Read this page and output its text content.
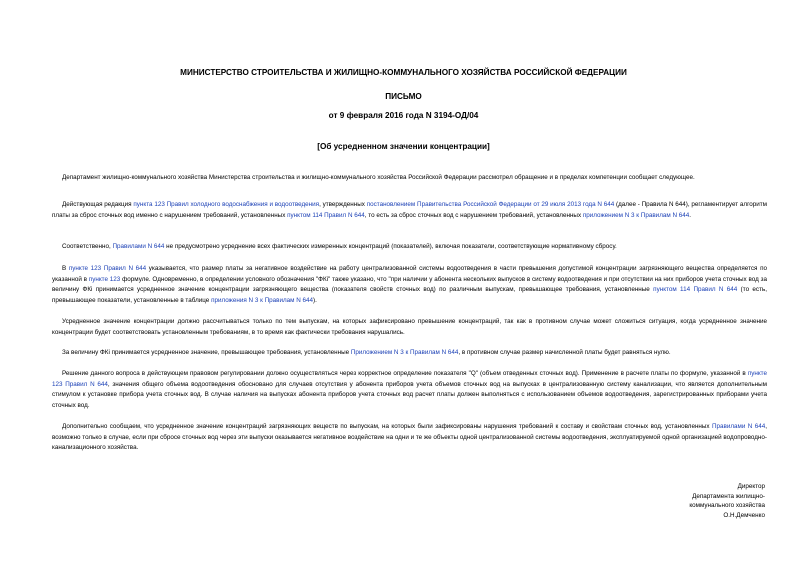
МИНИСТЕРСТВО СТРОИТЕЛЬСТВА И ЖИЛИЩНО-КОММУНАЛЬНОГО ХОЗЯЙСТВА РОССИЙСКОЙ ФЕДЕРАЦИИ
ПИСЬМО
от 9 февраля 2016 года N 3194-ОД/04
[Об усредненном значении концентрации]

Департамент жилищно-коммунального хозяйства Министерства строительства и жилищно-коммунального хозяйства Российской Федерации рассмотрел обращение и в пределах компетенции сообщает следующее.

Действующая редакция пункта 123 Правил холодного водоснабжения и водоотведения, утвержденных постановлением Правительства Российской Федерации от 29 июля 2013 года N 644 (далее - Правила N 644), регламентирует алгоритм платы за сброс сточных вод именно с нарушением требований, установленных пунктом 114 Правил N 644, то есть за сброс сточных вод с нарушением требований, установленных приложением N 3 к Правилам N 644.

Соответственно, Правилами N 644 не предусмотрено усреднение всех фактических измеренных концентраций (показателей), включая показатели, соответствующие нормативному сбросу.

В пункте 123 Правил N 644 указывается, что размер платы за негативное воздействие на работу централизованной системы водоотведения в части превышения допустимой концентрации загрязняющего вещества определяется по указанной в пункте 123 формуле. Одновременно, в определении условного обозначения "ФКi" также указано, что "при наличии у абонента нескольких выпусков в систему водоотведения и при отсутствии на них приборов учета сточных вод за величину ФКi принимается усредненное значение концентрации загрязняющего вещества (показателя свойств сточных вод) по различным выпускам, превышающее требования, установленные пунктом 114 Правил N 644 (то есть, превышающее показатели, установленные в таблице приложения N 3 к Правилам N 644).

Усредненное значение концентрации должно рассчитываться только по тем выпускам, на которых зафиксировано превышение концентраций, так как в противном случае может сложиться ситуация, когда усредненное значение концентрации будет соответствовать установленным требованиям, в то время как фактически требования нарушались.

За величину ФКi принимается усредненное значение, превышающее требования, установленные Приложением N 3 к Правилам N 644, в противном случае размер начисленной платы будет равняться нулю.

Решение данного вопроса в действующем правовом регулировании должно осуществляться через корректное определение показателя "Q" (объем отведенных сточных вод). Применение в расчете платы по формуле, указанной в пункте 123 Правил N 644, значения общего объема водоотведения обосновано для случаев отсутствия у абонента приборов учета объемов сточных вод на выпусках в централизованную систему канализации, что является дополнительным стимулом к установке прибора учета сточных вод. В случае наличия на выпусках абонента приборов учета сточных вод расчет платы должен выполняться с использованием объемов водоотведения, зарегистрированных приборами учета сточных вод.

Дополнительно сообщаем, что усредненное значение концентраций загрязняющих веществ по выпускам, на которых были зафиксированы нарушения требований к составу и свойствам сточных вод, установленных Правилами N 644, возможно только в случае, если при сбросе сточных вод через эти выпуски оказывается негативное воздействие на одни и те же объекты одной централизованной системы водоотведения, эксплуатируемой одной организацией водопроводно-канализационного хозяйства.

Директор
Департамента жилищно-
коммунального хозяйства
О.Н.Демченко
